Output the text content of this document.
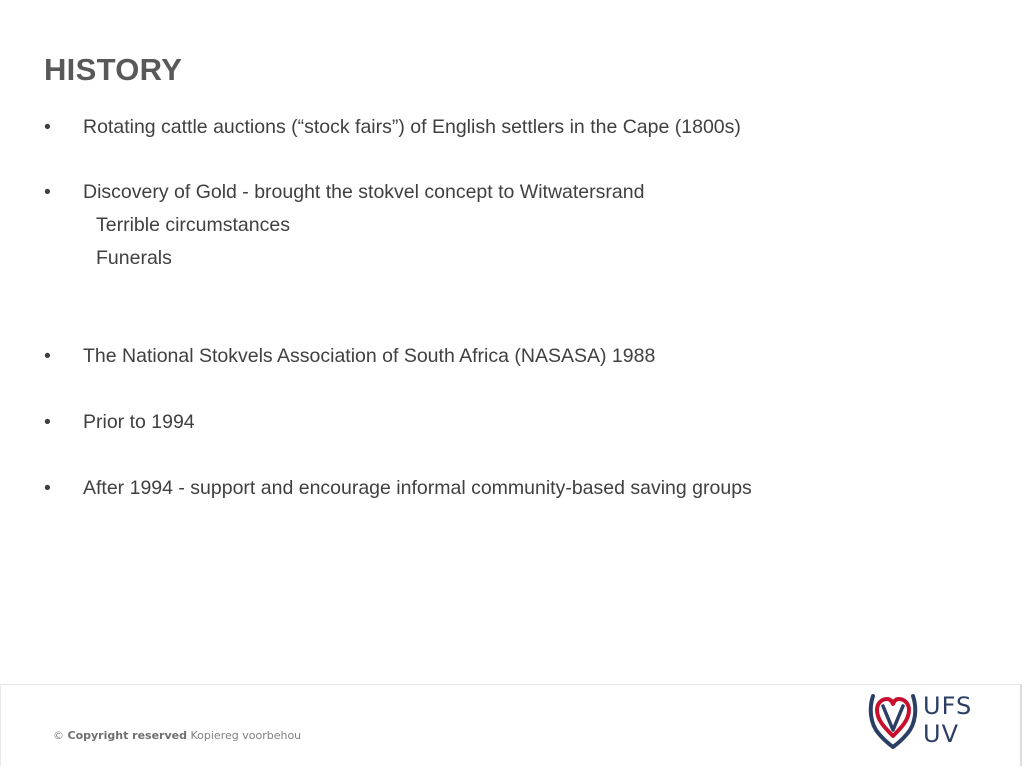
HISTORY
• Rotating cattle auctions (“stock fairs”) of English settlers in the Cape (1800s)
• Discovery of Gold - brought the stokvel concept to Witwatersrand
Terrible circumstances
Funerals
• The National Stokvels Association of South Africa (NASASA) 1988
• Prior to 1994
• After 1994 - support and encourage informal community-based saving groups
© Copyright reserved Kopiereg voorbehou
UFS
UV
